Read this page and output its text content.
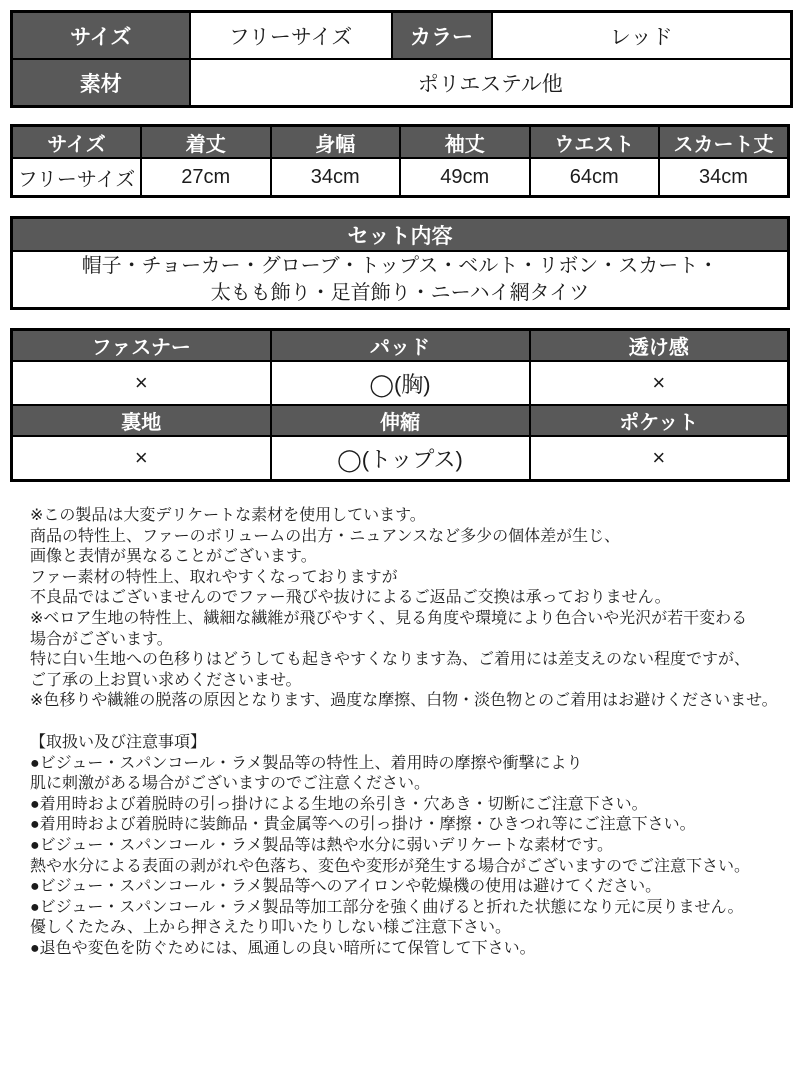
サイズ	フリーサイズ	カラー	レッド
素材	ポリエステル他		
サイズ	着丈	身幅	袖丈	ウエスト	スカート丈
フリーサイズ	27cm	34cm	49cm	64cm	34cm
セット内容

帽子・チョーカー・グローブ・トップス・ベルト・リボン・スカート・
太もも飾り・足首飾り・ニーハイ網タイツ
ファスナー	パッド	透け感
×	◯(胸)	×
裏地	伸縮	ポケット
×	◯(トップス)	×
※この製品は大変デリケートな素材を使用しています。
商品の特性上、ファーのボリュームの出方・ニュアンスなど多少の個体差が生じ、
画像と表情が異なることがございます。
ファー素材の特性上、取れやすくなっておりますが
不良品ではございませんのでファー飛びや抜けによるご返品ご交換は承っておりません。
※ベロア生地の特性上、繊細な繊維が飛びやすく、見る角度や環境により色合いや光沢が若干変わる
場合がございます。
特に白い生地への色移りはどうしても起きやすくなります為、ご着用には差支えのない程度ですが、
ご了承の上お買い求めくださいませ。
※色移りや繊維の脱落の原因となります、過度な摩擦、白物・淡色物とのご着用はお避けくださいませ。
【取扱い及び注意事項】
●ビジュー・スパンコール・ラメ製品等の特性上、着用時の摩擦や衝撃により
肌に刺激がある場合がございますのでご注意ください。
●着用時および着脱時の引っ掛けによる生地の糸引き・穴あき・切断にご注意下さい。
●着用時および着脱時に装飾品・貴金属等への引っ掛け・摩擦・ひきつれ等にご注意下さい。
●ビジュー・スパンコール・ラメ製品等は熱や水分に弱いデリケートな素材です。
熱や水分による表面の剥がれや色落ち、変色や変形が発生する場合がございますのでご注意下さい。
●ビジュー・スパンコール・ラメ製品等へのアイロンや乾燥機の使用は避けてください。
●ビジュー・スパンコール・ラメ製品等加工部分を強く曲げると折れた状態になり元に戻りません。
優しくたたみ、上から押さえたり叩いたりしない様ご注意下さい。
●退色や変色を防ぐためには、風通しの良い暗所にて保管して下さい。
